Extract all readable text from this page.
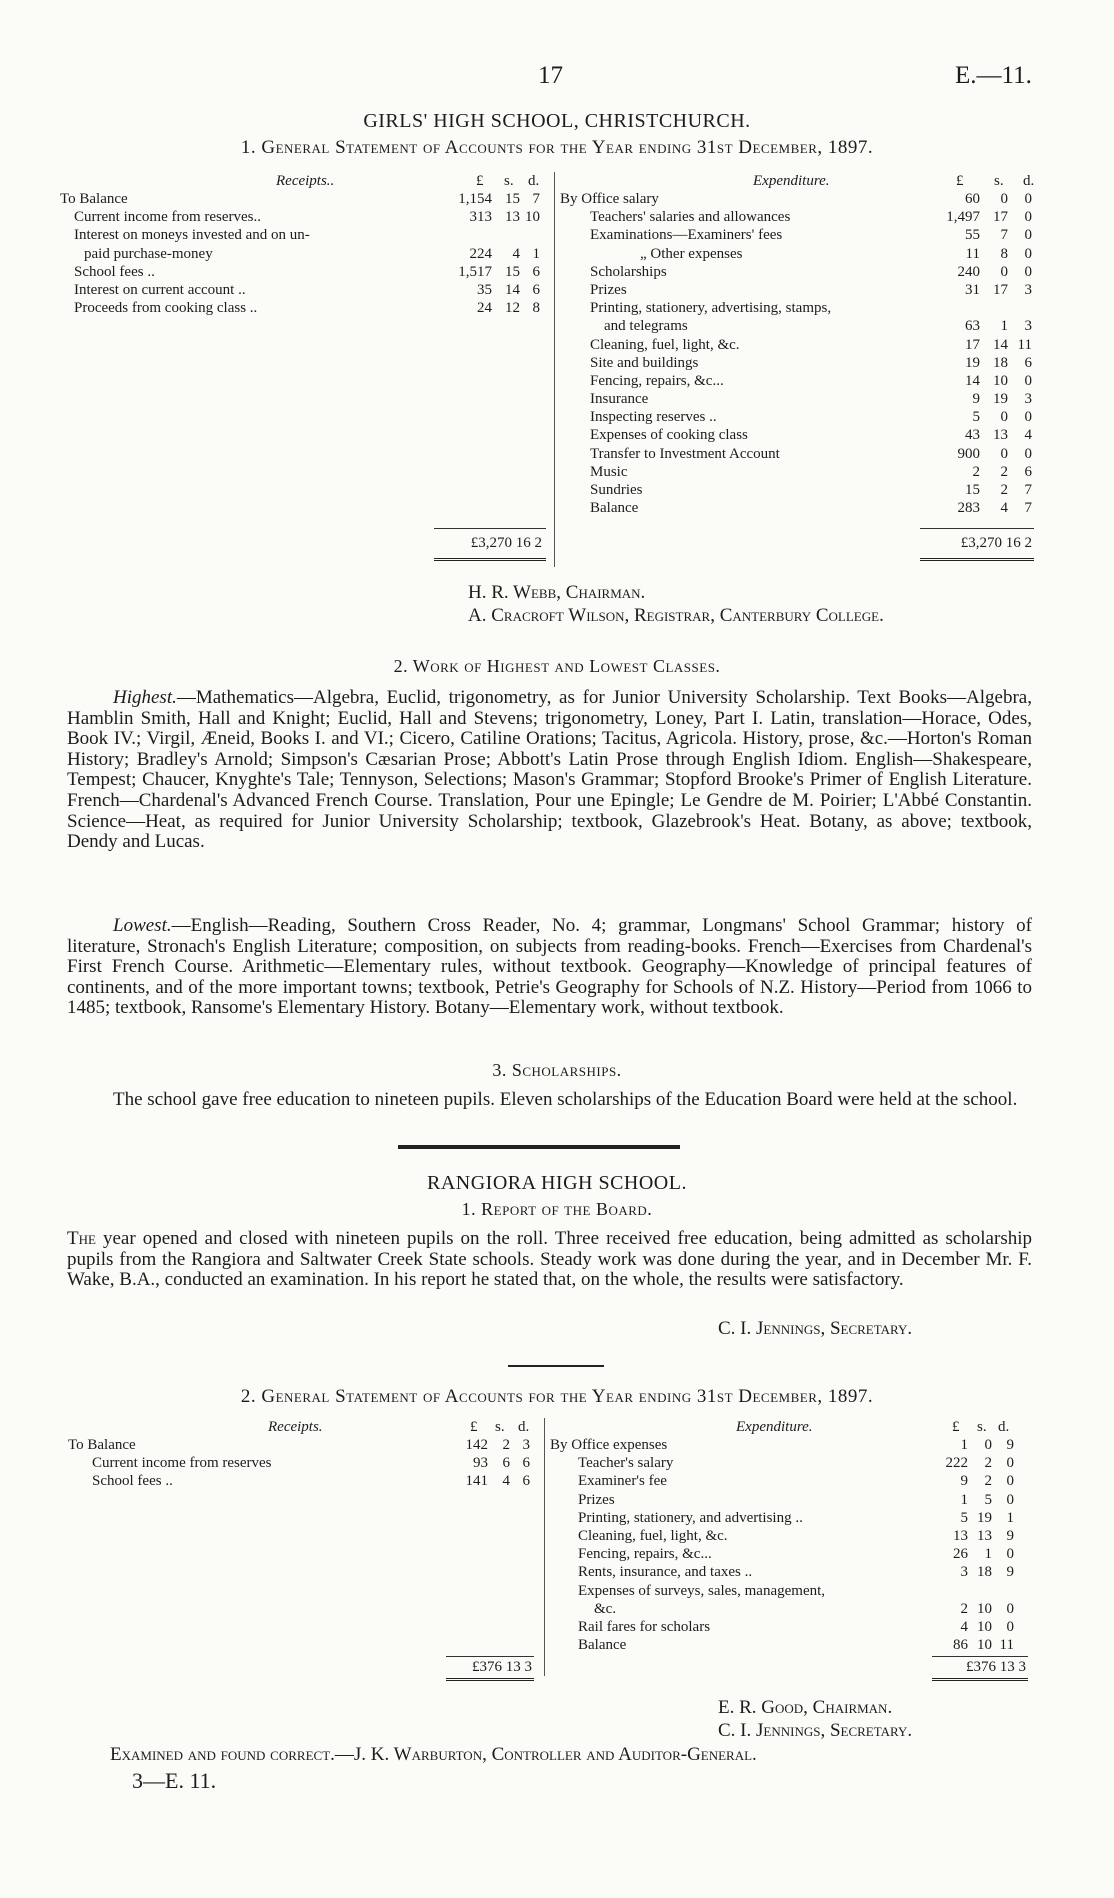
17	E.—11.
GIRLS' HIGH SCHOOL, CHRISTCHURCH.
1. General Statement of Accounts for the Year ending 31st December, 1897.
Receipts..	£ s. d.	Expenditure.	£ s. d.
To Balance	1,154 15 7
Current income from reserves..	313 13 10
Interest on moneys invested and on un-
paid purchase-money	224	4 1
School fees ..	1,517 15 6
Interest on current account ..	35 14 6
Proceeds from cooking class ..	24 12 8
By Office salary	60	0	0
Teachers' salaries and allowances	1,497 17	0
Examinations—Examiners' fees	55	7	0
„ Other expenses	11	8	0
Scholarships	240	0	0
Prizes	31 17	3
Printing, stationery, advertising, stamps,
and telegrams	63	1	3
Cleaning, fuel, light, &c.	17 14 11
Site and buildings	19 18	6
Fencing, repairs, &c...	14 10	0
Insurance	9 19	3
Inspecting reserves ..	5	0	0
Expenses of cooking class	43 13	4
Transfer to Investment Account	900	0	0
Music	2	2	6
Sundries	15	2	7
Balance	283	4	7
£3,270 16 2	£3,270 16 2
H. R. Webb, Chairman.
A. Cracroft Wilson, Registrar, Canterbury College.
2. Work of Highest and Lowest Classes.
Highest.—Mathematics—Algebra, Euclid, trigonometry, as for Junior University Scholarship. Text Books—Algebra, Hamblin Smith, Hall and Knight; Euclid, Hall and Stevens; trigonometry, Loney, Part I. Latin, translation—Horace, Odes, Book IV.; Virgil, Æneid, Books I. and VI.; Cicero, Catiline Orations; Tacitus, Agricola. History, prose, &c.—Horton's Roman History; Bradley's Arnold; Simpson's Cæsarian Prose; Abbott's Latin Prose through English Idiom. English—Shakespeare, Tempest; Chaucer, Knyghte's Tale; Tennyson, Selections; Mason's Grammar; Stopford Brooke's Primer of English Literature. French—Chardenal's Advanced French Course. Translation, Pour une Epingle; Le Gendre de M. Poirier; L'Abbé Constantin. Science—Heat, as required for Junior University Scholarship; textbook, Glazebrook's Heat. Botany, as above; textbook, Dendy and Lucas.
Lowest.—English—Reading, Southern Cross Reader, No. 4; grammar, Longmans' School Grammar; history of literature, Stronach's English Literature; composition, on subjects from reading-books. French—Exercises from Chardenal's First French Course. Arithmetic—Elementary rules, without textbook. Geography—Knowledge of principal features of continents, and of the more important towns; textbook, Petrie's Geography for Schools of N.Z. History—Period from 1066 to 1485; textbook, Ransome's Elementary History. Botany—Elementary work, without textbook.
3. Scholarships.
The school gave free education to nineteen pupils. Eleven scholarships of the Education Board were held at the school.
RANGIORA HIGH SCHOOL.
1. Report of the Board.
The year opened and closed with nineteen pupils on the roll. Three received free education, being admitted as scholarship pupils from the Rangiora and Saltwater Creek State schools. Steady work was done during the year, and in December Mr. F. Wake, B.A., conducted an examination. In his report he stated that, on the whole, the results were satisfactory.
C. I. Jennings, Secretary.
2. General Statement of Accounts for the Year ending 31st December, 1897.
Receipts.	£ s. d.	Expenditure.	£ s. d.
To Balance	142 2 3
Current income from reserves	93 6 6
School fees ..	141 4 6
By Office expenses	1	0 9
Teacher's salary	222	2 0
Examiner's fee	9	2 0
Prizes	1	5 0
Printing, stationery, and advertising ..	5 19 1
Cleaning, fuel, light, &c.	13 13 9
Fencing, repairs, &c...	26	1 0
Rents, insurance, and taxes ..	3 18 9
Expenses of surveys, sales, management,
&c.	2 10 0
Rail fares for scholars	4 10 0
Balance	86 10 11
£376 13 3	£376 13 3
E. R. Good, Chairman.
C. I. Jennings, Secretary.
Examined and found correct.—J. K. Warburton, Controller and Auditor-General.
3—E. 11.
